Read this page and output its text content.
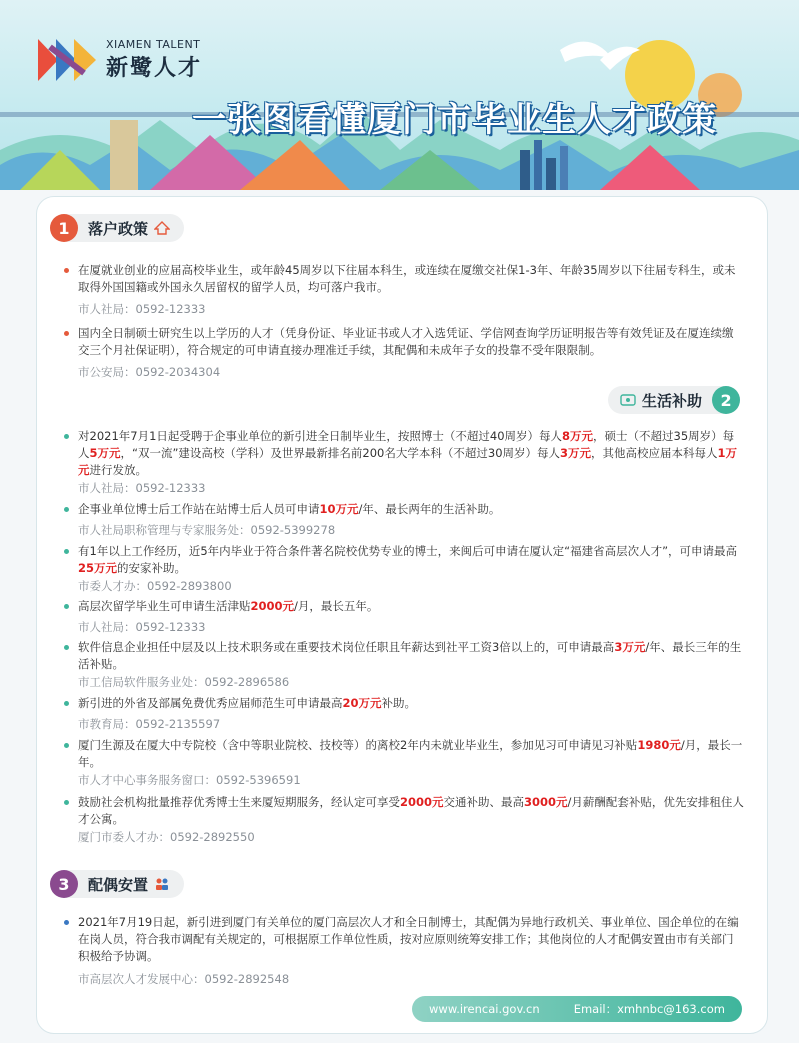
XIAMEN TALENT
新鹭人才
一张图看懂厦门市毕业生人才政策
1	落户政策
在厦就业创业的应届高校毕业生，或年龄45周岁以下往届本科生，或连续在厦缴交社保1-3年、年龄35周岁以下往届专科生，或未取得外国国籍或外国永久居留权的留学人员，均可落户我市。
市人社局：0592-12333
国内全日制硕士研究生以上学历的人才（凭身份证、毕业证书或人才入选凭证、学信网查询学历证明报告等有效凭证及在厦连续缴交三个月社保证明），符合规定的可申请直接办理准迁手续，其配偶和未成年子女的投靠不受年限限制。
市公安局：0592-2034304
生活补助	2
对2021年7月1日起受聘于企事业单位的新引进全日制毕业生，按照博士（不超过40周岁）每人8万元，硕士（不超过35周岁）每人5万元，“双一流”建设高校（学科）及世界最新排名前200名大学本科（不超过30周岁）每人3万元，其他高校应届本科每人1万元进行发放。
市人社局：0592-12333
企事业单位博士后工作站在站博士后人员可申请10万元/年、最长两年的生活补助。
市人社局职称管理与专家服务处：0592-5399278
有1年以上工作经历，近5年内毕业于符合条件著名院校优势专业的博士，来闽后可申请在厦认定“福建省高层次人才”，可申请最高25万元的安家补助。
市委人才办：0592-2893800
高层次留学毕业生可申请生活津贴2000元/月，最长五年。
市人社局：0592-12333
软件信息企业担任中层及以上技术职务或在重要技术岗位任职且年薪达到社平工资3倍以上的，可申请最高3万元/年、最长三年的生活补贴。
市工信局软件服务业处：0592-2896586
新引进的外省及部属免费优秀应届师范生可申请最高20万元补助。
市教育局：0592-2135597
厦门生源及在厦大中专院校（含中等职业院校、技校等）的离校2年内未就业毕业生，参加见习可申请见习补贴1980元/月，最长一年。
市人才中心事务服务窗口：0592-5396591
鼓励社会机构批量推荐优秀博士生来厦短期服务，经认定可享受2000元交通补助、最高3000元/月薪酬配套补贴，优先安排租住人才公寓。
厦门市委人才办：0592-2892550
3	配偶安置
2021年7月19日起，新引进到厦门有关单位的厦门高层次人才和全日制博士，其配偶为异地行政机关、事业单位、国企单位的在编在岗人员，符合我市调配有关规定的，可根据原工作单位性质，按对应原则统筹安排工作；其他岗位的人才配偶安置由市有关部门积极给予协调。
市高层次人才发展中心：0592-2892548
www.irencai.gov.cn	Email：xmhnbc@163.com
